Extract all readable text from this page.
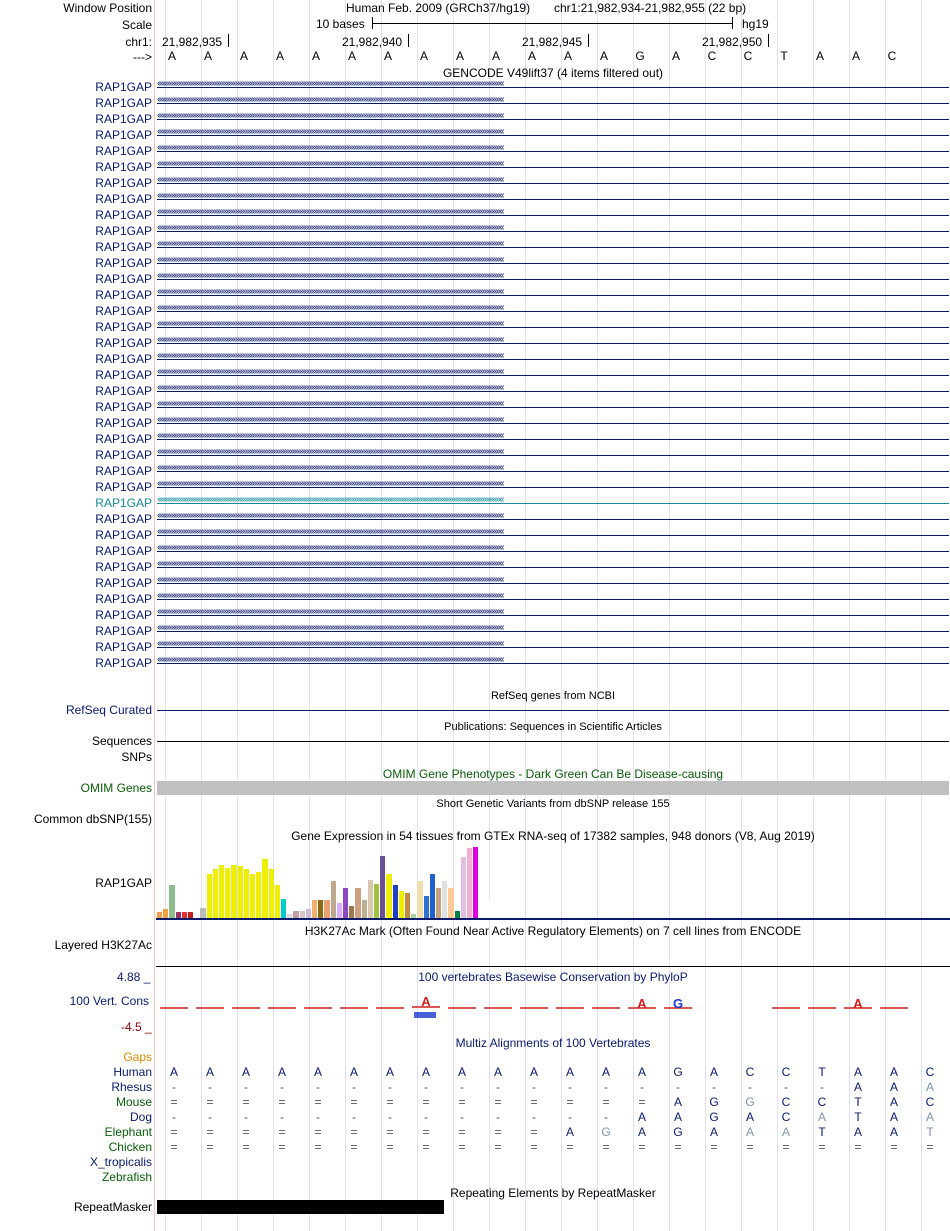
Window Position	Human Feb. 2009 (GRCh37/hg19) chr1:21,982,934-21,982,955 (22 bp)
Scale	10 bases	hg19
chr1: 21,982,935	21,982,940	21,982,945	21,982,950
--->	A	A	A	A	A	A	A	A	A	A	A	A	A	G	A	C	C	T	A	A	C
GENCODE V49lift37 (4 items filtered out)
RAP1GAP ‹‹‹‹‹‹‹‹‹‹‹‹‹‹‹‹‹‹‹‹‹‹‹‹‹‹‹‹‹‹‹‹‹‹‹‹‹‹‹‹‹‹‹‹‹‹‹‹‹‹‹‹‹‹‹‹‹‹‹‹‹‹‹‹‹‹‹‹‹‹‹‹‹‹‹‹‹‹‹‹‹‹‹‹‹‹‹‹‹‹‹‹‹‹‹‹‹‹‹‹‹‹‹‹‹‹‹‹‹‹‹‹‹‹‹‹‹‹‹‹‹‹‹‹‹‹‹‹‹‹‹‹‹‹‹‹‹‹‹‹‹‹‹‹‹‹‹‹‹‹‹‹‹‹‹‹‹‹‹‹‹‹‹‹‹‹‹‹‹‹‹‹‹‹‹‹‹‹‹‹‹‹‹‹‹‹‹‹‹‹‹‹‹‹‹‹‹‹‹‹
RAP1GAP ‹‹‹‹‹‹‹‹‹‹‹‹‹‹‹‹‹‹‹‹‹‹‹‹‹‹‹‹‹‹‹‹‹‹‹‹‹‹‹‹‹‹‹‹‹‹‹‹‹‹‹‹‹‹‹‹‹‹‹‹‹‹‹‹‹‹‹‹‹‹‹‹‹‹‹‹‹‹‹‹‹‹‹‹‹‹‹‹‹‹‹‹‹‹‹‹‹‹‹‹‹‹‹‹‹‹‹‹‹‹‹‹‹‹‹‹‹‹‹‹‹‹‹‹‹‹‹‹‹‹‹‹‹‹‹‹‹‹‹‹‹‹‹‹‹‹‹‹‹‹‹‹‹‹‹‹‹‹‹‹‹‹‹‹‹‹‹‹‹‹‹‹‹‹‹‹‹‹‹‹‹‹‹‹‹‹‹‹‹‹‹‹‹‹‹‹‹‹‹‹
RAP1GAP ‹‹‹‹‹‹‹‹‹‹‹‹‹‹‹‹‹‹‹‹‹‹‹‹‹‹‹‹‹‹‹‹‹‹‹‹‹‹‹‹‹‹‹‹‹‹‹‹‹‹‹‹‹‹‹‹‹‹‹‹‹‹‹‹‹‹‹‹‹‹‹‹‹‹‹‹‹‹‹‹‹‹‹‹‹‹‹‹‹‹‹‹‹‹‹‹‹‹‹‹‹‹‹‹‹‹‹‹‹‹‹‹‹‹‹‹‹‹‹‹‹‹‹‹‹‹‹‹‹‹‹‹‹‹‹‹‹‹‹‹‹‹‹‹‹‹‹‹‹‹‹‹‹‹‹‹‹‹‹‹‹‹‹‹‹‹‹‹‹‹‹‹‹‹‹‹‹‹‹‹‹‹‹‹‹‹‹‹‹‹‹‹‹‹‹‹‹‹‹‹
RAP1GAP ‹‹‹‹‹‹‹‹‹‹‹‹‹‹‹‹‹‹‹‹‹‹‹‹‹‹‹‹‹‹‹‹‹‹‹‹‹‹‹‹‹‹‹‹‹‹‹‹‹‹‹‹‹‹‹‹‹‹‹‹‹‹‹‹‹‹‹‹‹‹‹‹‹‹‹‹‹‹‹‹‹‹‹‹‹‹‹‹‹‹‹‹‹‹‹‹‹‹‹‹‹‹‹‹‹‹‹‹‹‹‹‹‹‹‹‹‹‹‹‹‹‹‹‹‹‹‹‹‹‹‹‹‹‹‹‹‹‹‹‹‹‹‹‹‹‹‹‹‹‹‹‹‹‹‹‹‹‹‹‹‹‹‹‹‹‹‹‹‹‹‹‹‹‹‹‹‹‹‹‹‹‹‹‹‹‹‹‹‹‹‹‹‹‹‹‹‹‹‹‹
RAP1GAP ‹‹‹‹‹‹‹‹‹‹‹‹‹‹‹‹‹‹‹‹‹‹‹‹‹‹‹‹‹‹‹‹‹‹‹‹‹‹‹‹‹‹‹‹‹‹‹‹‹‹‹‹‹‹‹‹‹‹‹‹‹‹‹‹‹‹‹‹‹‹‹‹‹‹‹‹‹‹‹‹‹‹‹‹‹‹‹‹‹‹‹‹‹‹‹‹‹‹‹‹‹‹‹‹‹‹‹‹‹‹‹‹‹‹‹‹‹‹‹‹‹‹‹‹‹‹‹‹‹‹‹‹‹‹‹‹‹‹‹‹‹‹‹‹‹‹‹‹‹‹‹‹‹‹‹‹‹‹‹‹‹‹‹‹‹‹‹‹‹‹‹‹‹‹‹‹‹‹‹‹‹‹‹‹‹‹‹‹‹‹‹‹‹‹‹‹‹‹‹‹
RAP1GAP ‹‹‹‹‹‹‹‹‹‹‹‹‹‹‹‹‹‹‹‹‹‹‹‹‹‹‹‹‹‹‹‹‹‹‹‹‹‹‹‹‹‹‹‹‹‹‹‹‹‹‹‹‹‹‹‹‹‹‹‹‹‹‹‹‹‹‹‹‹‹‹‹‹‹‹‹‹‹‹‹‹‹‹‹‹‹‹‹‹‹‹‹‹‹‹‹‹‹‹‹‹‹‹‹‹‹‹‹‹‹‹‹‹‹‹‹‹‹‹‹‹‹‹‹‹‹‹‹‹‹‹‹‹‹‹‹‹‹‹‹‹‹‹‹‹‹‹‹‹‹‹‹‹‹‹‹‹‹‹‹‹‹‹‹‹‹‹‹‹‹‹‹‹‹‹‹‹‹‹‹‹‹‹‹‹‹‹‹‹‹‹‹‹‹‹‹‹‹‹‹
RAP1GAP ‹‹‹‹‹‹‹‹‹‹‹‹‹‹‹‹‹‹‹‹‹‹‹‹‹‹‹‹‹‹‹‹‹‹‹‹‹‹‹‹‹‹‹‹‹‹‹‹‹‹‹‹‹‹‹‹‹‹‹‹‹‹‹‹‹‹‹‹‹‹‹‹‹‹‹‹‹‹‹‹‹‹‹‹‹‹‹‹‹‹‹‹‹‹‹‹‹‹‹‹‹‹‹‹‹‹‹‹‹‹‹‹‹‹‹‹‹‹‹‹‹‹‹‹‹‹‹‹‹‹‹‹‹‹‹‹‹‹‹‹‹‹‹‹‹‹‹‹‹‹‹‹‹‹‹‹‹‹‹‹‹‹‹‹‹‹‹‹‹‹‹‹‹‹‹‹‹‹‹‹‹‹‹‹‹‹‹‹‹‹‹‹‹‹‹‹‹‹‹‹
RAP1GAP ‹‹‹‹‹‹‹‹‹‹‹‹‹‹‹‹‹‹‹‹‹‹‹‹‹‹‹‹‹‹‹‹‹‹‹‹‹‹‹‹‹‹‹‹‹‹‹‹‹‹‹‹‹‹‹‹‹‹‹‹‹‹‹‹‹‹‹‹‹‹‹‹‹‹‹‹‹‹‹‹‹‹‹‹‹‹‹‹‹‹‹‹‹‹‹‹‹‹‹‹‹‹‹‹‹‹‹‹‹‹‹‹‹‹‹‹‹‹‹‹‹‹‹‹‹‹‹‹‹‹‹‹‹‹‹‹‹‹‹‹‹‹‹‹‹‹‹‹‹‹‹‹‹‹‹‹‹‹‹‹‹‹‹‹‹‹‹‹‹‹‹‹‹‹‹‹‹‹‹‹‹‹‹‹‹‹‹‹‹‹‹‹‹‹‹‹‹‹‹‹
RAP1GAP ‹‹‹‹‹‹‹‹‹‹‹‹‹‹‹‹‹‹‹‹‹‹‹‹‹‹‹‹‹‹‹‹‹‹‹‹‹‹‹‹‹‹‹‹‹‹‹‹‹‹‹‹‹‹‹‹‹‹‹‹‹‹‹‹‹‹‹‹‹‹‹‹‹‹‹‹‹‹‹‹‹‹‹‹‹‹‹‹‹‹‹‹‹‹‹‹‹‹‹‹‹‹‹‹‹‹‹‹‹‹‹‹‹‹‹‹‹‹‹‹‹‹‹‹‹‹‹‹‹‹‹‹‹‹‹‹‹‹‹‹‹‹‹‹‹‹‹‹‹‹‹‹‹‹‹‹‹‹‹‹‹‹‹‹‹‹‹‹‹‹‹‹‹‹‹‹‹‹‹‹‹‹‹‹‹‹‹‹‹‹‹‹‹‹‹‹‹‹‹‹
RAP1GAP ‹‹‹‹‹‹‹‹‹‹‹‹‹‹‹‹‹‹‹‹‹‹‹‹‹‹‹‹‹‹‹‹‹‹‹‹‹‹‹‹‹‹‹‹‹‹‹‹‹‹‹‹‹‹‹‹‹‹‹‹‹‹‹‹‹‹‹‹‹‹‹‹‹‹‹‹‹‹‹‹‹‹‹‹‹‹‹‹‹‹‹‹‹‹‹‹‹‹‹‹‹‹‹‹‹‹‹‹‹‹‹‹‹‹‹‹‹‹‹‹‹‹‹‹‹‹‹‹‹‹‹‹‹‹‹‹‹‹‹‹‹‹‹‹‹‹‹‹‹‹‹‹‹‹‹‹‹‹‹‹‹‹‹‹‹‹‹‹‹‹‹‹‹‹‹‹‹‹‹‹‹‹‹‹‹‹‹‹‹‹‹‹‹‹‹‹‹‹‹‹
RAP1GAP ‹‹‹‹‹‹‹‹‹‹‹‹‹‹‹‹‹‹‹‹‹‹‹‹‹‹‹‹‹‹‹‹‹‹‹‹‹‹‹‹‹‹‹‹‹‹‹‹‹‹‹‹‹‹‹‹‹‹‹‹‹‹‹‹‹‹‹‹‹‹‹‹‹‹‹‹‹‹‹‹‹‹‹‹‹‹‹‹‹‹‹‹‹‹‹‹‹‹‹‹‹‹‹‹‹‹‹‹‹‹‹‹‹‹‹‹‹‹‹‹‹‹‹‹‹‹‹‹‹‹‹‹‹‹‹‹‹‹‹‹‹‹‹‹‹‹‹‹‹‹‹‹‹‹‹‹‹‹‹‹‹‹‹‹‹‹‹‹‹‹‹‹‹‹‹‹‹‹‹‹‹‹‹‹‹‹‹‹‹‹‹‹‹‹‹‹‹‹‹‹
RAP1GAP ‹‹‹‹‹‹‹‹‹‹‹‹‹‹‹‹‹‹‹‹‹‹‹‹‹‹‹‹‹‹‹‹‹‹‹‹‹‹‹‹‹‹‹‹‹‹‹‹‹‹‹‹‹‹‹‹‹‹‹‹‹‹‹‹‹‹‹‹‹‹‹‹‹‹‹‹‹‹‹‹‹‹‹‹‹‹‹‹‹‹‹‹‹‹‹‹‹‹‹‹‹‹‹‹‹‹‹‹‹‹‹‹‹‹‹‹‹‹‹‹‹‹‹‹‹‹‹‹‹‹‹‹‹‹‹‹‹‹‹‹‹‹‹‹‹‹‹‹‹‹‹‹‹‹‹‹‹‹‹‹‹‹‹‹‹‹‹‹‹‹‹‹‹‹‹‹‹‹‹‹‹‹‹‹‹‹‹‹‹‹‹‹‹‹‹‹‹‹‹‹
RAP1GAP ‹‹‹‹‹‹‹‹‹‹‹‹‹‹‹‹‹‹‹‹‹‹‹‹‹‹‹‹‹‹‹‹‹‹‹‹‹‹‹‹‹‹‹‹‹‹‹‹‹‹‹‹‹‹‹‹‹‹‹‹‹‹‹‹‹‹‹‹‹‹‹‹‹‹‹‹‹‹‹‹‹‹‹‹‹‹‹‹‹‹‹‹‹‹‹‹‹‹‹‹‹‹‹‹‹‹‹‹‹‹‹‹‹‹‹‹‹‹‹‹‹‹‹‹‹‹‹‹‹‹‹‹‹‹‹‹‹‹‹‹‹‹‹‹‹‹‹‹‹‹‹‹‹‹‹‹‹‹‹‹‹‹‹‹‹‹‹‹‹‹‹‹‹‹‹‹‹‹‹‹‹‹‹‹‹‹‹‹‹‹‹‹‹‹‹‹‹‹‹‹
RAP1GAP ‹‹‹‹‹‹‹‹‹‹‹‹‹‹‹‹‹‹‹‹‹‹‹‹‹‹‹‹‹‹‹‹‹‹‹‹‹‹‹‹‹‹‹‹‹‹‹‹‹‹‹‹‹‹‹‹‹‹‹‹‹‹‹‹‹‹‹‹‹‹‹‹‹‹‹‹‹‹‹‹‹‹‹‹‹‹‹‹‹‹‹‹‹‹‹‹‹‹‹‹‹‹‹‹‹‹‹‹‹‹‹‹‹‹‹‹‹‹‹‹‹‹‹‹‹‹‹‹‹‹‹‹‹‹‹‹‹‹‹‹‹‹‹‹‹‹‹‹‹‹‹‹‹‹‹‹‹‹‹‹‹‹‹‹‹‹‹‹‹‹‹‹‹‹‹‹‹‹‹‹‹‹‹‹‹‹‹‹‹‹‹‹‹‹‹‹‹‹‹‹
RAP1GAP ‹‹‹‹‹‹‹‹‹‹‹‹‹‹‹‹‹‹‹‹‹‹‹‹‹‹‹‹‹‹‹‹‹‹‹‹‹‹‹‹‹‹‹‹‹‹‹‹‹‹‹‹‹‹‹‹‹‹‹‹‹‹‹‹‹‹‹‹‹‹‹‹‹‹‹‹‹‹‹‹‹‹‹‹‹‹‹‹‹‹‹‹‹‹‹‹‹‹‹‹‹‹‹‹‹‹‹‹‹‹‹‹‹‹‹‹‹‹‹‹‹‹‹‹‹‹‹‹‹‹‹‹‹‹‹‹‹‹‹‹‹‹‹‹‹‹‹‹‹‹‹‹‹‹‹‹‹‹‹‹‹‹‹‹‹‹‹‹‹‹‹‹‹‹‹‹‹‹‹‹‹‹‹‹‹‹‹‹‹‹‹‹‹‹‹‹‹‹‹‹
RAP1GAP ‹‹‹‹‹‹‹‹‹‹‹‹‹‹‹‹‹‹‹‹‹‹‹‹‹‹‹‹‹‹‹‹‹‹‹‹‹‹‹‹‹‹‹‹‹‹‹‹‹‹‹‹‹‹‹‹‹‹‹‹‹‹‹‹‹‹‹‹‹‹‹‹‹‹‹‹‹‹‹‹‹‹‹‹‹‹‹‹‹‹‹‹‹‹‹‹‹‹‹‹‹‹‹‹‹‹‹‹‹‹‹‹‹‹‹‹‹‹‹‹‹‹‹‹‹‹‹‹‹‹‹‹‹‹‹‹‹‹‹‹‹‹‹‹‹‹‹‹‹‹‹‹‹‹‹‹‹‹‹‹‹‹‹‹‹‹‹‹‹‹‹‹‹‹‹‹‹‹‹‹‹‹‹‹‹‹‹‹‹‹‹‹‹‹‹‹‹‹‹‹
RAP1GAP ‹‹‹‹‹‹‹‹‹‹‹‹‹‹‹‹‹‹‹‹‹‹‹‹‹‹‹‹‹‹‹‹‹‹‹‹‹‹‹‹‹‹‹‹‹‹‹‹‹‹‹‹‹‹‹‹‹‹‹‹‹‹‹‹‹‹‹‹‹‹‹‹‹‹‹‹‹‹‹‹‹‹‹‹‹‹‹‹‹‹‹‹‹‹‹‹‹‹‹‹‹‹‹‹‹‹‹‹‹‹‹‹‹‹‹‹‹‹‹‹‹‹‹‹‹‹‹‹‹‹‹‹‹‹‹‹‹‹‹‹‹‹‹‹‹‹‹‹‹‹‹‹‹‹‹‹‹‹‹‹‹‹‹‹‹‹‹‹‹‹‹‹‹‹‹‹‹‹‹‹‹‹‹‹‹‹‹‹‹‹‹‹‹‹‹‹‹‹‹‹
RAP1GAP ‹‹‹‹‹‹‹‹‹‹‹‹‹‹‹‹‹‹‹‹‹‹‹‹‹‹‹‹‹‹‹‹‹‹‹‹‹‹‹‹‹‹‹‹‹‹‹‹‹‹‹‹‹‹‹‹‹‹‹‹‹‹‹‹‹‹‹‹‹‹‹‹‹‹‹‹‹‹‹‹‹‹‹‹‹‹‹‹‹‹‹‹‹‹‹‹‹‹‹‹‹‹‹‹‹‹‹‹‹‹‹‹‹‹‹‹‹‹‹‹‹‹‹‹‹‹‹‹‹‹‹‹‹‹‹‹‹‹‹‹‹‹‹‹‹‹‹‹‹‹‹‹‹‹‹‹‹‹‹‹‹‹‹‹‹‹‹‹‹‹‹‹‹‹‹‹‹‹‹‹‹‹‹‹‹‹‹‹‹‹‹‹‹‹‹‹‹‹‹‹
RAP1GAP ‹‹‹‹‹‹‹‹‹‹‹‹‹‹‹‹‹‹‹‹‹‹‹‹‹‹‹‹‹‹‹‹‹‹‹‹‹‹‹‹‹‹‹‹‹‹‹‹‹‹‹‹‹‹‹‹‹‹‹‹‹‹‹‹‹‹‹‹‹‹‹‹‹‹‹‹‹‹‹‹‹‹‹‹‹‹‹‹‹‹‹‹‹‹‹‹‹‹‹‹‹‹‹‹‹‹‹‹‹‹‹‹‹‹‹‹‹‹‹‹‹‹‹‹‹‹‹‹‹‹‹‹‹‹‹‹‹‹‹‹‹‹‹‹‹‹‹‹‹‹‹‹‹‹‹‹‹‹‹‹‹‹‹‹‹‹‹‹‹‹‹‹‹‹‹‹‹‹‹‹‹‹‹‹‹‹‹‹‹‹‹‹‹‹‹‹‹‹‹‹
RAP1GAP ‹‹‹‹‹‹‹‹‹‹‹‹‹‹‹‹‹‹‹‹‹‹‹‹‹‹‹‹‹‹‹‹‹‹‹‹‹‹‹‹‹‹‹‹‹‹‹‹‹‹‹‹‹‹‹‹‹‹‹‹‹‹‹‹‹‹‹‹‹‹‹‹‹‹‹‹‹‹‹‹‹‹‹‹‹‹‹‹‹‹‹‹‹‹‹‹‹‹‹‹‹‹‹‹‹‹‹‹‹‹‹‹‹‹‹‹‹‹‹‹‹‹‹‹‹‹‹‹‹‹‹‹‹‹‹‹‹‹‹‹‹‹‹‹‹‹‹‹‹‹‹‹‹‹‹‹‹‹‹‹‹‹‹‹‹‹‹‹‹‹‹‹‹‹‹‹‹‹‹‹‹‹‹‹‹‹‹‹‹‹‹‹‹‹‹‹‹‹‹‹
RAP1GAP ‹‹‹‹‹‹‹‹‹‹‹‹‹‹‹‹‹‹‹‹‹‹‹‹‹‹‹‹‹‹‹‹‹‹‹‹‹‹‹‹‹‹‹‹‹‹‹‹‹‹‹‹‹‹‹‹‹‹‹‹‹‹‹‹‹‹‹‹‹‹‹‹‹‹‹‹‹‹‹‹‹‹‹‹‹‹‹‹‹‹‹‹‹‹‹‹‹‹‹‹‹‹‹‹‹‹‹‹‹‹‹‹‹‹‹‹‹‹‹‹‹‹‹‹‹‹‹‹‹‹‹‹‹‹‹‹‹‹‹‹‹‹‹‹‹‹‹‹‹‹‹‹‹‹‹‹‹‹‹‹‹‹‹‹‹‹‹‹‹‹‹‹‹‹‹‹‹‹‹‹‹‹‹‹‹‹‹‹‹‹‹‹‹‹‹‹‹‹‹‹
RAP1GAP ‹‹‹‹‹‹‹‹‹‹‹‹‹‹‹‹‹‹‹‹‹‹‹‹‹‹‹‹‹‹‹‹‹‹‹‹‹‹‹‹‹‹‹‹‹‹‹‹‹‹‹‹‹‹‹‹‹‹‹‹‹‹‹‹‹‹‹‹‹‹‹‹‹‹‹‹‹‹‹‹‹‹‹‹‹‹‹‹‹‹‹‹‹‹‹‹‹‹‹‹‹‹‹‹‹‹‹‹‹‹‹‹‹‹‹‹‹‹‹‹‹‹‹‹‹‹‹‹‹‹‹‹‹‹‹‹‹‹‹‹‹‹‹‹‹‹‹‹‹‹‹‹‹‹‹‹‹‹‹‹‹‹‹‹‹‹‹‹‹‹‹‹‹‹‹‹‹‹‹‹‹‹‹‹‹‹‹‹‹‹‹‹‹‹‹‹‹‹‹‹
RAP1GAP ‹‹‹‹‹‹‹‹‹‹‹‹‹‹‹‹‹‹‹‹‹‹‹‹‹‹‹‹‹‹‹‹‹‹‹‹‹‹‹‹‹‹‹‹‹‹‹‹‹‹‹‹‹‹‹‹‹‹‹‹‹‹‹‹‹‹‹‹‹‹‹‹‹‹‹‹‹‹‹‹‹‹‹‹‹‹‹‹‹‹‹‹‹‹‹‹‹‹‹‹‹‹‹‹‹‹‹‹‹‹‹‹‹‹‹‹‹‹‹‹‹‹‹‹‹‹‹‹‹‹‹‹‹‹‹‹‹‹‹‹‹‹‹‹‹‹‹‹‹‹‹‹‹‹‹‹‹‹‹‹‹‹‹‹‹‹‹‹‹‹‹‹‹‹‹‹‹‹‹‹‹‹‹‹‹‹‹‹‹‹‹‹‹‹‹‹‹‹‹‹
RAP1GAP ‹‹‹‹‹‹‹‹‹‹‹‹‹‹‹‹‹‹‹‹‹‹‹‹‹‹‹‹‹‹‹‹‹‹‹‹‹‹‹‹‹‹‹‹‹‹‹‹‹‹‹‹‹‹‹‹‹‹‹‹‹‹‹‹‹‹‹‹‹‹‹‹‹‹‹‹‹‹‹‹‹‹‹‹‹‹‹‹‹‹‹‹‹‹‹‹‹‹‹‹‹‹‹‹‹‹‹‹‹‹‹‹‹‹‹‹‹‹‹‹‹‹‹‹‹‹‹‹‹‹‹‹‹‹‹‹‹‹‹‹‹‹‹‹‹‹‹‹‹‹‹‹‹‹‹‹‹‹‹‹‹‹‹‹‹‹‹‹‹‹‹‹‹‹‹‹‹‹‹‹‹‹‹‹‹‹‹‹‹‹‹‹‹‹‹‹‹‹‹‹
RAP1GAP ‹‹‹‹‹‹‹‹‹‹‹‹‹‹‹‹‹‹‹‹‹‹‹‹‹‹‹‹‹‹‹‹‹‹‹‹‹‹‹‹‹‹‹‹‹‹‹‹‹‹‹‹‹‹‹‹‹‹‹‹‹‹‹‹‹‹‹‹‹‹‹‹‹‹‹‹‹‹‹‹‹‹‹‹‹‹‹‹‹‹‹‹‹‹‹‹‹‹‹‹‹‹‹‹‹‹‹‹‹‹‹‹‹‹‹‹‹‹‹‹‹‹‹‹‹‹‹‹‹‹‹‹‹‹‹‹‹‹‹‹‹‹‹‹‹‹‹‹‹‹‹‹‹‹‹‹‹‹‹‹‹‹‹‹‹‹‹‹‹‹‹‹‹‹‹‹‹‹‹‹‹‹‹‹‹‹‹‹‹‹‹‹‹‹‹‹‹‹‹‹
RAP1GAP ‹‹‹‹‹‹‹‹‹‹‹‹‹‹‹‹‹‹‹‹‹‹‹‹‹‹‹‹‹‹‹‹‹‹‹‹‹‹‹‹‹‹‹‹‹‹‹‹‹‹‹‹‹‹‹‹‹‹‹‹‹‹‹‹‹‹‹‹‹‹‹‹‹‹‹‹‹‹‹‹‹‹‹‹‹‹‹‹‹‹‹‹‹‹‹‹‹‹‹‹‹‹‹‹‹‹‹‹‹‹‹‹‹‹‹‹‹‹‹‹‹‹‹‹‹‹‹‹‹‹‹‹‹‹‹‹‹‹‹‹‹‹‹‹‹‹‹‹‹‹‹‹‹‹‹‹‹‹‹‹‹‹‹‹‹‹‹‹‹‹‹‹‹‹‹‹‹‹‹‹‹‹‹‹‹‹‹‹‹‹‹‹‹‹‹‹‹‹‹‹
RAP1GAP ‹‹‹‹‹‹‹‹‹‹‹‹‹‹‹‹‹‹‹‹‹‹‹‹‹‹‹‹‹‹‹‹‹‹‹‹‹‹‹‹‹‹‹‹‹‹‹‹‹‹‹‹‹‹‹‹‹‹‹‹‹‹‹‹‹‹‹‹‹‹‹‹‹‹‹‹‹‹‹‹‹‹‹‹‹‹‹‹‹‹‹‹‹‹‹‹‹‹‹‹‹‹‹‹‹‹‹‹‹‹‹‹‹‹‹‹‹‹‹‹‹‹‹‹‹‹‹‹‹‹‹‹‹‹‹‹‹‹‹‹‹‹‹‹‹‹‹‹‹‹‹‹‹‹‹‹‹‹‹‹‹‹‹‹‹‹‹‹‹‹‹‹‹‹‹‹‹‹‹‹‹‹‹‹‹‹‹‹‹‹‹‹‹‹‹‹‹‹‹‹
RAP1GAP ‹‹‹‹‹‹‹‹‹‹‹‹‹‹‹‹‹‹‹‹‹‹‹‹‹‹‹‹‹‹‹‹‹‹‹‹‹‹‹‹‹‹‹‹‹‹‹‹‹‹‹‹‹‹‹‹‹‹‹‹‹‹‹‹‹‹‹‹‹‹‹‹‹‹‹‹‹‹‹‹‹‹‹‹‹‹‹‹‹‹‹‹‹‹‹‹‹‹‹‹‹‹‹‹‹‹‹‹‹‹‹‹‹‹‹‹‹‹‹‹‹‹‹‹‹‹‹‹‹‹‹‹‹‹‹‹‹‹‹‹‹‹‹‹‹‹‹‹‹‹‹‹‹‹‹‹‹‹‹‹‹‹‹‹‹‹‹‹‹‹‹‹‹‹‹‹‹‹‹‹‹‹‹‹‹‹‹‹‹‹‹‹‹‹‹‹‹‹‹‹
RAP1GAP ‹‹‹‹‹‹‹‹‹‹‹‹‹‹‹‹‹‹‹‹‹‹‹‹‹‹‹‹‹‹‹‹‹‹‹‹‹‹‹‹‹‹‹‹‹‹‹‹‹‹‹‹‹‹‹‹‹‹‹‹‹‹‹‹‹‹‹‹‹‹‹‹‹‹‹‹‹‹‹‹‹‹‹‹‹‹‹‹‹‹‹‹‹‹‹‹‹‹‹‹‹‹‹‹‹‹‹‹‹‹‹‹‹‹‹‹‹‹‹‹‹‹‹‹‹‹‹‹‹‹‹‹‹‹‹‹‹‹‹‹‹‹‹‹‹‹‹‹‹‹‹‹‹‹‹‹‹‹‹‹‹‹‹‹‹‹‹‹‹‹‹‹‹‹‹‹‹‹‹‹‹‹‹‹‹‹‹‹‹‹‹‹‹‹‹‹‹‹‹‹
RAP1GAP ‹‹‹‹‹‹‹‹‹‹‹‹‹‹‹‹‹‹‹‹‹‹‹‹‹‹‹‹‹‹‹‹‹‹‹‹‹‹‹‹‹‹‹‹‹‹‹‹‹‹‹‹‹‹‹‹‹‹‹‹‹‹‹‹‹‹‹‹‹‹‹‹‹‹‹‹‹‹‹‹‹‹‹‹‹‹‹‹‹‹‹‹‹‹‹‹‹‹‹‹‹‹‹‹‹‹‹‹‹‹‹‹‹‹‹‹‹‹‹‹‹‹‹‹‹‹‹‹‹‹‹‹‹‹‹‹‹‹‹‹‹‹‹‹‹‹‹‹‹‹‹‹‹‹‹‹‹‹‹‹‹‹‹‹‹‹‹‹‹‹‹‹‹‹‹‹‹‹‹‹‹‹‹‹‹‹‹‹‹‹‹‹‹‹‹‹‹‹‹‹
RAP1GAP ‹‹‹‹‹‹‹‹‹‹‹‹‹‹‹‹‹‹‹‹‹‹‹‹‹‹‹‹‹‹‹‹‹‹‹‹‹‹‹‹‹‹‹‹‹‹‹‹‹‹‹‹‹‹‹‹‹‹‹‹‹‹‹‹‹‹‹‹‹‹‹‹‹‹‹‹‹‹‹‹‹‹‹‹‹‹‹‹‹‹‹‹‹‹‹‹‹‹‹‹‹‹‹‹‹‹‹‹‹‹‹‹‹‹‹‹‹‹‹‹‹‹‹‹‹‹‹‹‹‹‹‹‹‹‹‹‹‹‹‹‹‹‹‹‹‹‹‹‹‹‹‹‹‹‹‹‹‹‹‹‹‹‹‹‹‹‹‹‹‹‹‹‹‹‹‹‹‹‹‹‹‹‹‹‹‹‹‹‹‹‹‹‹‹‹‹‹‹‹‹
RAP1GAP ‹‹‹‹‹‹‹‹‹‹‹‹‹‹‹‹‹‹‹‹‹‹‹‹‹‹‹‹‹‹‹‹‹‹‹‹‹‹‹‹‹‹‹‹‹‹‹‹‹‹‹‹‹‹‹‹‹‹‹‹‹‹‹‹‹‹‹‹‹‹‹‹‹‹‹‹‹‹‹‹‹‹‹‹‹‹‹‹‹‹‹‹‹‹‹‹‹‹‹‹‹‹‹‹‹‹‹‹‹‹‹‹‹‹‹‹‹‹‹‹‹‹‹‹‹‹‹‹‹‹‹‹‹‹‹‹‹‹‹‹‹‹‹‹‹‹‹‹‹‹‹‹‹‹‹‹‹‹‹‹‹‹‹‹‹‹‹‹‹‹‹‹‹‹‹‹‹‹‹‹‹‹‹‹‹‹‹‹‹‹‹‹‹‹‹‹‹‹‹‹
RAP1GAP ‹‹‹‹‹‹‹‹‹‹‹‹‹‹‹‹‹‹‹‹‹‹‹‹‹‹‹‹‹‹‹‹‹‹‹‹‹‹‹‹‹‹‹‹‹‹‹‹‹‹‹‹‹‹‹‹‹‹‹‹‹‹‹‹‹‹‹‹‹‹‹‹‹‹‹‹‹‹‹‹‹‹‹‹‹‹‹‹‹‹‹‹‹‹‹‹‹‹‹‹‹‹‹‹‹‹‹‹‹‹‹‹‹‹‹‹‹‹‹‹‹‹‹‹‹‹‹‹‹‹‹‹‹‹‹‹‹‹‹‹‹‹‹‹‹‹‹‹‹‹‹‹‹‹‹‹‹‹‹‹‹‹‹‹‹‹‹‹‹‹‹‹‹‹‹‹‹‹‹‹‹‹‹‹‹‹‹‹‹‹‹‹‹‹‹‹‹‹‹‹
RAP1GAP ‹‹‹‹‹‹‹‹‹‹‹‹‹‹‹‹‹‹‹‹‹‹‹‹‹‹‹‹‹‹‹‹‹‹‹‹‹‹‹‹‹‹‹‹‹‹‹‹‹‹‹‹‹‹‹‹‹‹‹‹‹‹‹‹‹‹‹‹‹‹‹‹‹‹‹‹‹‹‹‹‹‹‹‹‹‹‹‹‹‹‹‹‹‹‹‹‹‹‹‹‹‹‹‹‹‹‹‹‹‹‹‹‹‹‹‹‹‹‹‹‹‹‹‹‹‹‹‹‹‹‹‹‹‹‹‹‹‹‹‹‹‹‹‹‹‹‹‹‹‹‹‹‹‹‹‹‹‹‹‹‹‹‹‹‹‹‹‹‹‹‹‹‹‹‹‹‹‹‹‹‹‹‹‹‹‹‹‹‹‹‹‹‹‹‹‹‹‹‹‹
RAP1GAP ‹‹‹‹‹‹‹‹‹‹‹‹‹‹‹‹‹‹‹‹‹‹‹‹‹‹‹‹‹‹‹‹‹‹‹‹‹‹‹‹‹‹‹‹‹‹‹‹‹‹‹‹‹‹‹‹‹‹‹‹‹‹‹‹‹‹‹‹‹‹‹‹‹‹‹‹‹‹‹‹‹‹‹‹‹‹‹‹‹‹‹‹‹‹‹‹‹‹‹‹‹‹‹‹‹‹‹‹‹‹‹‹‹‹‹‹‹‹‹‹‹‹‹‹‹‹‹‹‹‹‹‹‹‹‹‹‹‹‹‹‹‹‹‹‹‹‹‹‹‹‹‹‹‹‹‹‹‹‹‹‹‹‹‹‹‹‹‹‹‹‹‹‹‹‹‹‹‹‹‹‹‹‹‹‹‹‹‹‹‹‹‹‹‹‹‹‹‹‹‹
RAP1GAP ‹‹‹‹‹‹‹‹‹‹‹‹‹‹‹‹‹‹‹‹‹‹‹‹‹‹‹‹‹‹‹‹‹‹‹‹‹‹‹‹‹‹‹‹‹‹‹‹‹‹‹‹‹‹‹‹‹‹‹‹‹‹‹‹‹‹‹‹‹‹‹‹‹‹‹‹‹‹‹‹‹‹‹‹‹‹‹‹‹‹‹‹‹‹‹‹‹‹‹‹‹‹‹‹‹‹‹‹‹‹‹‹‹‹‹‹‹‹‹‹‹‹‹‹‹‹‹‹‹‹‹‹‹‹‹‹‹‹‹‹‹‹‹‹‹‹‹‹‹‹‹‹‹‹‹‹‹‹‹‹‹‹‹‹‹‹‹‹‹‹‹‹‹‹‹‹‹‹‹‹‹‹‹‹‹‹‹‹‹‹‹‹‹‹‹‹‹‹‹‹
RAP1GAP ‹‹‹‹‹‹‹‹‹‹‹‹‹‹‹‹‹‹‹‹‹‹‹‹‹‹‹‹‹‹‹‹‹‹‹‹‹‹‹‹‹‹‹‹‹‹‹‹‹‹‹‹‹‹‹‹‹‹‹‹‹‹‹‹‹‹‹‹‹‹‹‹‹‹‹‹‹‹‹‹‹‹‹‹‹‹‹‹‹‹‹‹‹‹‹‹‹‹‹‹‹‹‹‹‹‹‹‹‹‹‹‹‹‹‹‹‹‹‹‹‹‹‹‹‹‹‹‹‹‹‹‹‹‹‹‹‹‹‹‹‹‹‹‹‹‹‹‹‹‹‹‹‹‹‹‹‹‹‹‹‹‹‹‹‹‹‹‹‹‹‹‹‹‹‹‹‹‹‹‹‹‹‹‹‹‹‹‹‹‹‹‹‹‹‹‹‹‹‹‹
RefSeq genes from NCBI
RefSeq Curated
Publications: Sequences in Scientific Articles
Sequences
SNPs
OMIM Gene Phenotypes - Dark Green Can Be Disease-causing
OMIM Genes
Short Genetic Variants from dbSNP release 155
Common dbSNP(155)
Gene Expression in 54 tissues from GTEx RNA-seq of 17382 samples, 948 donors (V8, Aug 2019)
RAP1GAP
H3K27Ac Mark (Often Found Near Active Regulatory Elements) on 7 cell lines from ENCODE
Layered H3K27Ac
100 vertebrates Basewise Conservation by PhyloP
4.88 _
100 Vert. Cons
-4.5 _
A	A G	A
Multiz Alignments of 100 Vertebrates
Gaps
Human	A	A	A	A	A	A	A	A	A	A	A	A	A	A	G	A	C	C	T	A	A	C
Rhesus	-	-	-	-	-	-	-	-	-	-	-	-	-	-	-	-	-	-	-	A	A	A
Mouse	=	=	=	=	=	=	=	=	=	=	=	=	=	=	A	G	G	C	C	T	A	C
Dog	-	-	-	-	-	-	-	-	-	-	-	-	-	A	A	G	A	C	A	T	A	A
Elephant	=	=	=	=	=	=	=	=	=	=	=	A	G	A	G	A	A	A	T	A	A	T
Chicken	=	=	=	=	=	=	=	=	=	=	=	=	=	=	=	=	=	=	=	=	=	=
X_tropicalis
Zebrafish
Repeating Elements by RepeatMasker
RepeatMasker
